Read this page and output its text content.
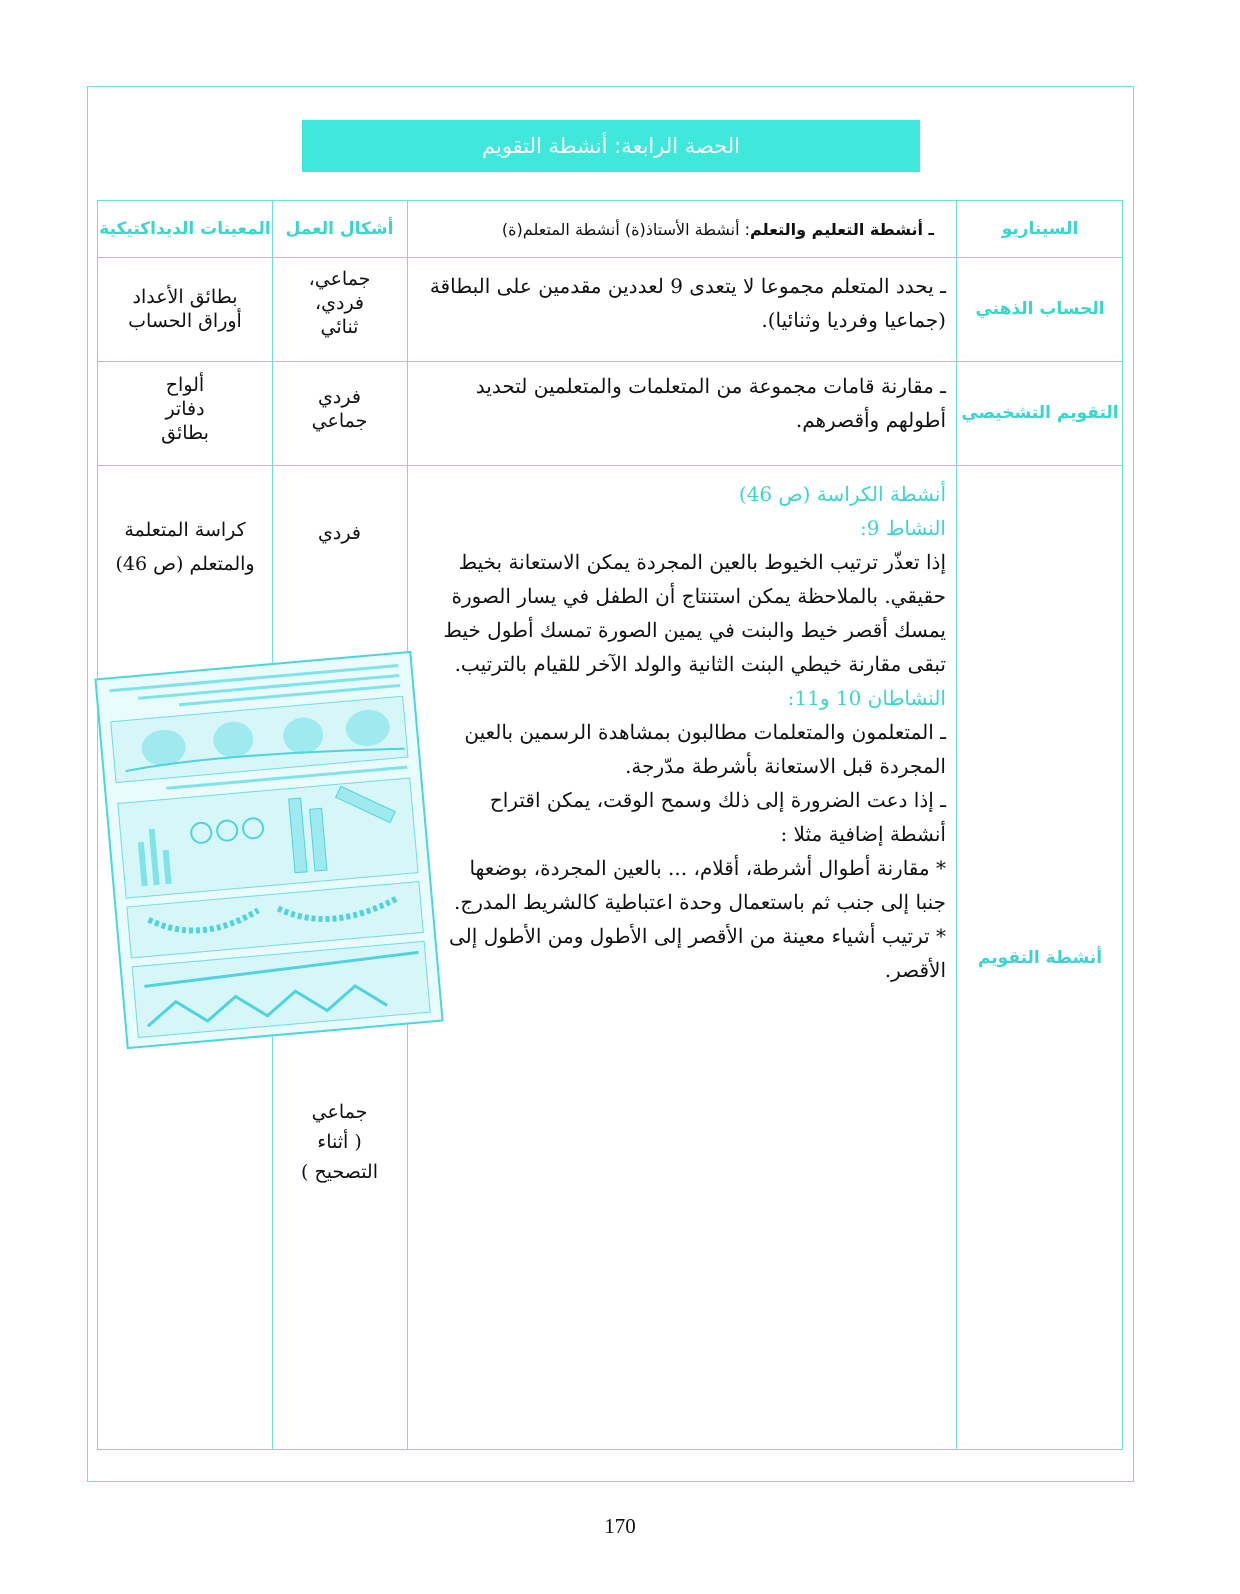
الحصة الرابعة: أنشطة التقويم
السيناريو
ـ أنشطة التعليم والتعلم: أنشطة الأستاذ(ة) أنشطة المتعلم(ة)
أشكال العمل
المعينات الديداكتيكية
الحساب الذهني
ـ يحدد المتعلم مجموعا لا يتعدى 9 لعددين مقدمين على البطاقة
(جماعيا وفرديا وثنائيا).
جماعي،
فردي،
ثنائي
بطائق الأعداد
أوراق الحساب
التقويم التشخيصي
ـ مقارنة قامات مجموعة من المتعلمات والمتعلمين لتحديد
أطولهم وأقصرهم.
فردي
جماعي
ألواح
دفاتر
بطائق
أنشطة التقويم
أنشطة الكراسة (ص 46)
النشاط 9:
إذا تعذّر ترتيب الخيوط بالعين المجردة يمكن الاستعانة بخيط
حقيقي. بالملاحظة يمكن استنتاج أن الطفل في يسار الصورة
يمسك أقصر خيط والبنت في يمين الصورة تمسك أطول خيط
تبقى مقارنة خيطي البنت الثانية والولد الآخر للقيام بالترتيب.
النشاطان 10 و11:
ـ المتعلمون والمتعلمات مطالبون بمشاهدة الرسمين بالعين
المجردة قبل الاستعانة بأشرطة مدّرجة.
ـ إذا دعت الضرورة إلى ذلك وسمح الوقت، يمكن اقتراح
أنشطة إضافية مثلا :
* مقارنة أطوال أشرطة، أقلام، ... بالعين المجردة، بوضعها
جنبا إلى جنب ثم باستعمال وحدة اعتباطية كالشريط المدرج.
* ترتيب أشياء معينة من الأقصر إلى الأطول ومن الأطول إلى
الأقصر.
فردي
جماعي
( أثناء
التصحيح )
كراسة المتعلمة
والمتعلم (ص 46)
170
